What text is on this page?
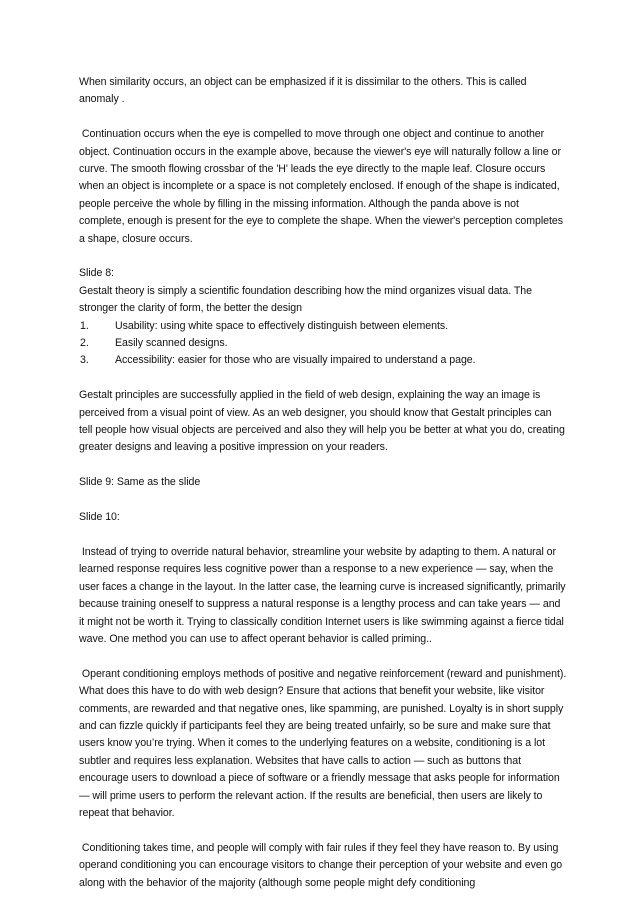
When similarity occurs, an object can be emphasized if it is dissimilar to the others. This is called anomaly .

Continuation occurs when the eye is compelled to move through one object and continue to another object. Continuation occurs in the example above, because the viewer's eye will naturally follow a line or curve. The smooth flowing crossbar of the 'H' leads the eye directly to the maple leaf. Closure occurs when an object is incomplete or a space is not completely enclosed. If enough of the shape is indicated, people perceive the whole by filling in the missing information. Although the panda above is not complete, enough is present for the eye to complete the shape. When the viewer's perception completes a shape, closure occurs.

Slide 8:

Gestalt theory is simply a scientific foundation describing how the mind organizes visual data. The stronger the clarity of form, the better the design

1.	Usability: using white space to effectively distinguish between elements.
2.	Easily scanned designs.
3.	Accessibility: easier for those who are visually impaired to understand a page.

Gestalt principles are successfully applied in the field of web design, explaining the way an image is perceived from a visual point of view. As an web designer, you should know that Gestalt principles can tell people how visual objects are perceived and also they will help you be better at what you do, creating greater designs and leaving a positive impression on your readers.

Slide 9: Same as the slide

Slide 10:

Instead of trying to override natural behavior, streamline your website by adapting to them. A natural or learned response requires less cognitive power than a response to a new experience — say, when the user faces a change in the layout. In the latter case, the learning curve is increased significantly, primarily because training oneself to suppress a natural response is a lengthy process and can take years — and it might not be worth it. Trying to classically condition Internet users is like swimming against a fierce tidal wave. One method you can use to affect operant behavior is called priming..

Operant conditioning employs methods of positive and negative reinforcement (reward and punishment). What does this have to do with web design? Ensure that actions that benefit your website, like visitor comments, are rewarded and that negative ones, like spamming, are punished. Loyalty is in short supply and can fizzle quickly if participants feel they are being treated unfairly, so be sure and make sure that users know you’re trying. When it comes to the underlying features on a website, conditioning is a lot subtler and requires less explanation. Websites that have calls to action — such as buttons that encourage users to download a piece of software or a friendly message that asks people for information — will prime users to perform the relevant action. If the results are beneficial, then users are likely to repeat that behavior.

Conditioning takes time, and people will comply with fair rules if they feel they have reason to. By using operand conditioning you can encourage visitors to change their perception of your website and even go along with the behavior of the majority (although some people might defy conditioning
